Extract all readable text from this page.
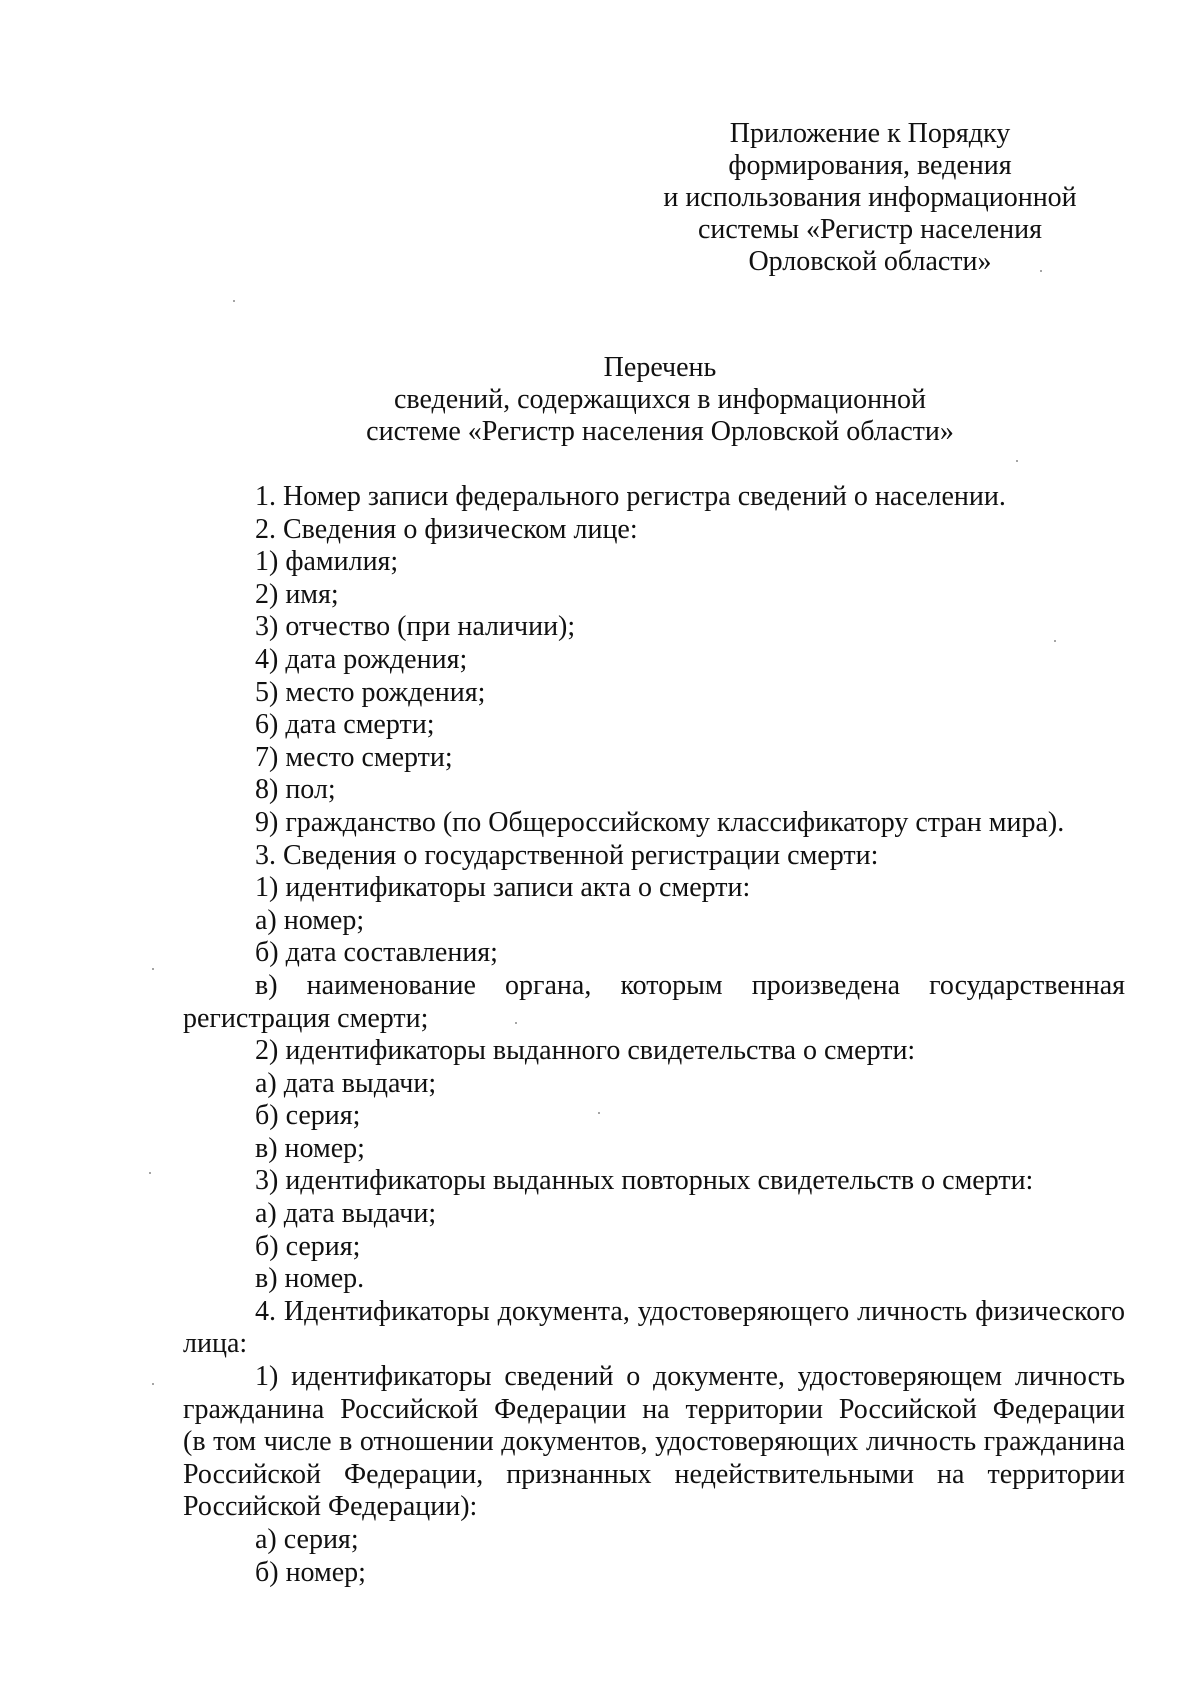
Приложение к Порядку
формирования, ведения
и использования информационной
системы «Регистр населения
Орловской области»
Перечень
сведений, содержащихся в информационной
системе «Регистр населения Орловской области»
1. Номер записи федерального регистра сведений о населении.
2. Сведения о физическом лице:
1) фамилия;
2) имя;
3) отчество (при наличии);
4) дата рождения;
5) место рождения;
6) дата смерти;
7) место смерти;
8) пол;
9) гражданство (по Общероссийскому классификатору стран мира).
3. Сведения о государственной регистрации смерти:
1) идентификаторы записи акта о смерти:
а) номер;
б) дата составления;
в) наименование органа, которым произведена государственная
регистрация смерти;
2) идентификаторы выданного свидетельства о смерти:
а) дата выдачи;
б) серия;
в) номер;
3) идентификаторы выданных повторных свидетельств о смерти:
а) дата выдачи;
б) серия;
в) номер.
4. Идентификаторы документа, удостоверяющего личность физического
лица:
1) идентификаторы сведений о документе, удостоверяющем личность
гражданина Российской Федерации на территории Российской Федерации
(в том числе в отношении документов, удостоверяющих личность гражданина
Российской Федерации, признанных недействительными на территории
Российской Федерации):
а) серия;
б) номер;
